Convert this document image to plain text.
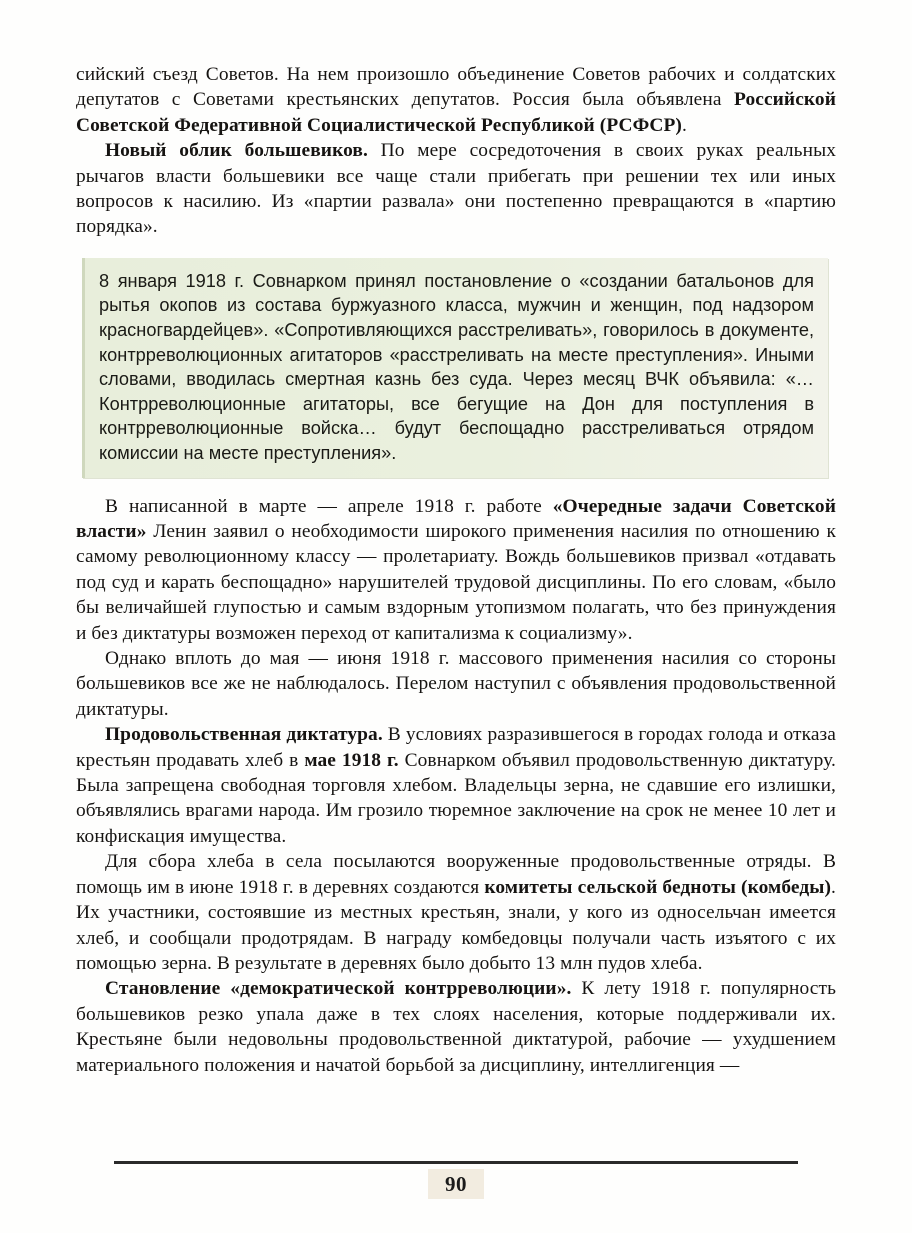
сийский съезд Советов. На нем произошло объединение Советов рабочих и солдатских депутатов с Советами крестьянских депутатов. Россия была объявлена Российской Советской Федеративной Социалистической Республикой (РСФСР).

Новый облик большевиков. По мере сосредоточения в своих руках реальных рычагов власти большевики все чаще стали прибегать при решении тех или иных вопросов к насилию. Из «партии развала» они постепенно превращаются в «партию порядка».

8 января 1918 г. Совнарком принял постановление о «создании батальонов для рытья окопов из состава буржуазного класса, мужчин и женщин, под надзором красногвардейцев». «Сопротивляющихся расстреливать», говорилось в документе, контрреволюционных агитаторов «расстреливать на месте преступления». Иными словами, вводилась смертная казнь без суда. Через месяц ВЧК объявила: «…Контрреволюционные агитаторы, все бегущие на Дон для поступления в контрреволюционные войска… будут беспощадно расстреливаться отрядом комиссии на месте преступления».

В написанной в марте — апреле 1918 г. работе «Очередные задачи Советской власти» Ленин заявил о необходимости широкого применения насилия по отношению к самому революционному классу — пролетариату. Вождь большевиков призвал «отдавать под суд и карать беспощадно» нарушителей трудовой дисциплины. По его словам, «было бы величайшей глупостью и самым вздорным утопизмом полагать, что без принуждения и без диктатуры возможен переход от капитализма к социализму».

Однако вплоть до мая — июня 1918 г. массового применения насилия со стороны большевиков все же не наблюдалось. Перелом наступил с объявления продовольственной диктатуры.

Продовольственная диктатура. В условиях разразившегося в городах голода и отказа крестьян продавать хлеб в мае 1918 г. Совнарком объявил продовольственную диктатуру. Была запрещена свободная торговля хлебом. Владельцы зерна, не сдавшие его излишки, объявлялись врагами народа. Им грозило тюремное заключение на срок не менее 10 лет и конфискация имущества.

Для сбора хлеба в села посылаются вооруженные продовольственные отряды. В помощь им в июне 1918 г. в деревнях создаются комитеты сельской бедноты (комбеды). Их участники, состоявшие из местных крестьян, знали, у кого из односельчан имеется хлеб, и сообщали продотрядам. В награду комбедовцы получали часть изъятого с их помощью зерна. В результате в деревнях было добыто 13 млн пудов хлеба.

Становление «демократической контрреволюции». К лету 1918 г. популярность большевиков резко упала даже в тех слоях населения, которые поддерживали их. Крестьяне были недовольны продовольственной диктатурой, рабочие — ухудшением материального положения и начатой борьбой за дисциплину, интеллигенция —

90
